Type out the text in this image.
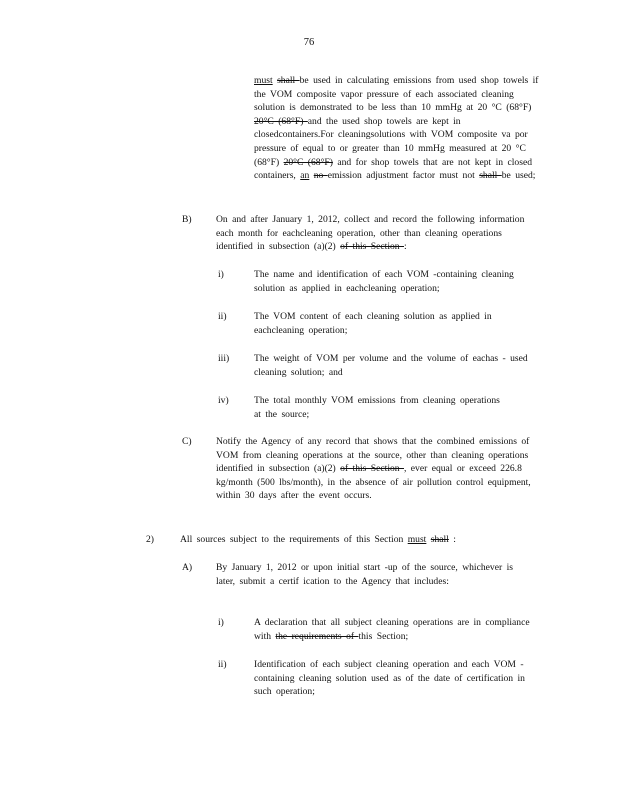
76
must shall be used in calculating emissions from used shop towels if the VOM composite vapor pressure of each associated cleaning solution is demonstrated to be less than 10 mmHg at 20 °C (68°F) 20°C (68°F) and the used shop towels are kept in closedcontainers.For cleaningsolutions with VOM composite va por pressure of equal to or greater than 10 mmHg measured at 20 °C (68°F) 20°C (68°F) and for shop towels that are not kept in closed containers, an no emission adjustment factor must not shall be used;
B)	On and after January 1, 2012, collect and record the following information each month for eachcleaning operation, other than cleaning operations identified in subsection (a)(2) of this Section :
i)	The name and identification of each VOM -containing cleaning solution as applied in eachcleaning operation;
ii)	The VOM content of each cleaning solution as applied in eachcleaning operation;
iii)	The weight of VOM per volume and the volume of eachas - used cleaning solution; and
iv)	The total monthly VOM emissions from cleaning operations at the source;
C)	Notify the Agency of any record that shows that the combined emissions of VOM from cleaning operations at the source, other than cleaning operations identified in subsection (a)(2) of this Section , ever equal or exceed 226.8 kg/month (500 lbs/month), in the absence of air pollution control equipment, within 30 days after the event occurs.
2)	All sources subject to the requirements of this Section must shall :
A) By January 1, 2012 or upon initial start -up of the source, whichever is later, submit a certif ication to the Agency that includes:
i)	A declaration that all subject cleaning operations are in compliance with the requirements of this Section;
ii)	Identification of each subject cleaning operation and each VOM -containing cleaning solution used as of the date of certification in such operation;
